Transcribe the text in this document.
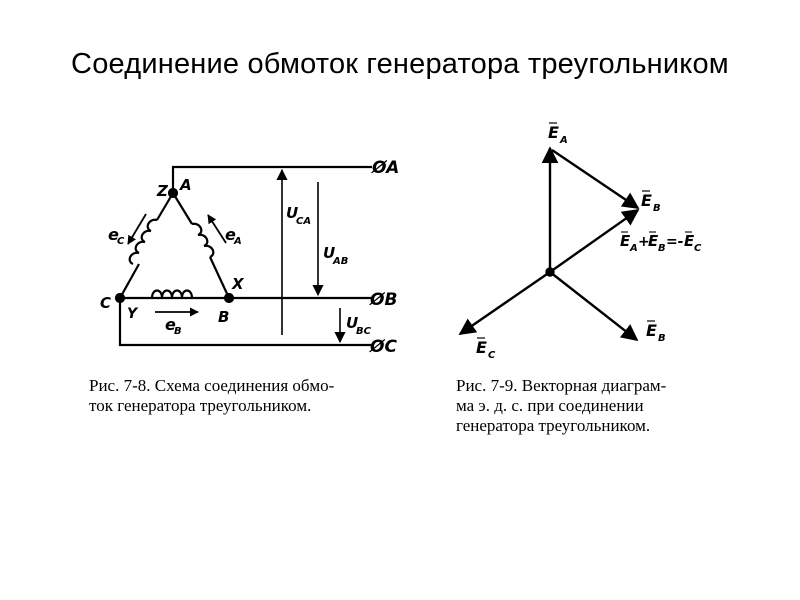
Соединение обмоток генератора треугольником
ØA
ØB
ØC
Z A
C
Y	B
X
e
C	e
A
e
B
U
CA
U
AB
U
BC
E A
E B
E A +
E B =- E C
E C
E B
Рис. 7-8. Схема соединения обмо-
ток генератора треугольником.
Рис. 7-9. Векторная диаграм-
ма э. д. с. при соединении
генератора треугольником.
